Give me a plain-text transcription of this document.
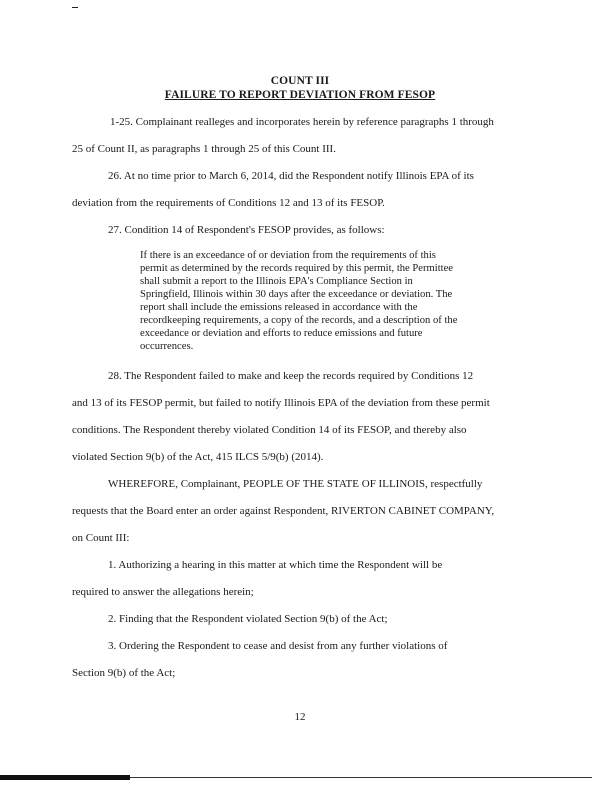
COUNT III
FAILURE TO REPORT DEVIATION FROM FESOP
1-25. Complainant realleges and incorporates herein by reference paragraphs 1 through
25 of Count II, as paragraphs 1 through 25 of this Count III.
26. At no time prior to March 6, 2014, did the Respondent notify Illinois EPA of its
deviation from the requirements of Conditions 12 and 13 of its FESOP.
27. Condition 14 of Respondent's FESOP provides, as follows:
If there is an exceedance of or deviation from the requirements of this
permit as determined by the records required by this permit, the Permittee
shall submit a report to the Illinois EPA's Compliance Section in
Springfield, Illinois within 30 days after the exceedance or deviation. The
report shall include the emissions released in accordance with the
recordkeeping requirements, a copy of the records, and a description of the
exceedance or deviation and efforts to reduce emissions and future
occurrences.
28. The Respondent failed to make and keep the records required by Conditions 12
and 13 of its FESOP permit, but failed to notify Illinois EPA of the deviation from these permit
conditions. The Respondent thereby violated Condition 14 of its FESOP, and thereby also
violated Section 9(b) of the Act, 415 ILCS 5/9(b) (2014).
WHEREFORE, Complainant, PEOPLE OF THE STATE OF ILLINOIS, respectfully
requests that the Board enter an order against Respondent, RIVERTON CABINET COMPANY,
on Count III:
1. Authorizing a hearing in this matter at which time the Respondent will be
required to answer the allegations herein;
2. Finding that the Respondent violated Section 9(b) of the Act;
3. Ordering the Respondent to cease and desist from any further violations of
Section 9(b) of the Act;
12
